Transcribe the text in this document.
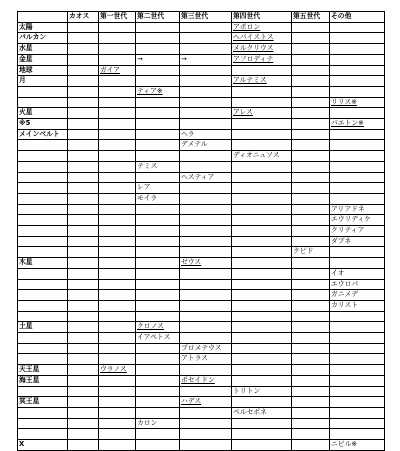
	カオス	第一世代	第二世代	第三世代	第四世代	第五世代	その他
太陽					アポロン		
バルカン					ヘパイストス		
水星					メルクリウス		
金星			→	→	アフロディテ		
地球		ガイア					
月					アルテミス		
			ティア※				
							リリス※
火星					アレス		
※5							パエトン※
メインベルト				ヘラ			
				デメテル			
					ディオニュソス		
			テミス				
				ヘスティア			
			レア				
			モイラ				
							アリアドネ
							エウリディケ
							クリティア
							ダプネ
						クピド	
木星				ゼウス			
							イオ
							エウロパ
							ガニメデ
							カリスト

土星			クロノス				
			イアペトス				
				プロメテウス			
				アトラス			
天王星		ウラノス					
海王星				ポセイドン			
					トリトン		
冥王星				ハデス			
					ペルセポネ		
			カロン				

X							ニビル※
